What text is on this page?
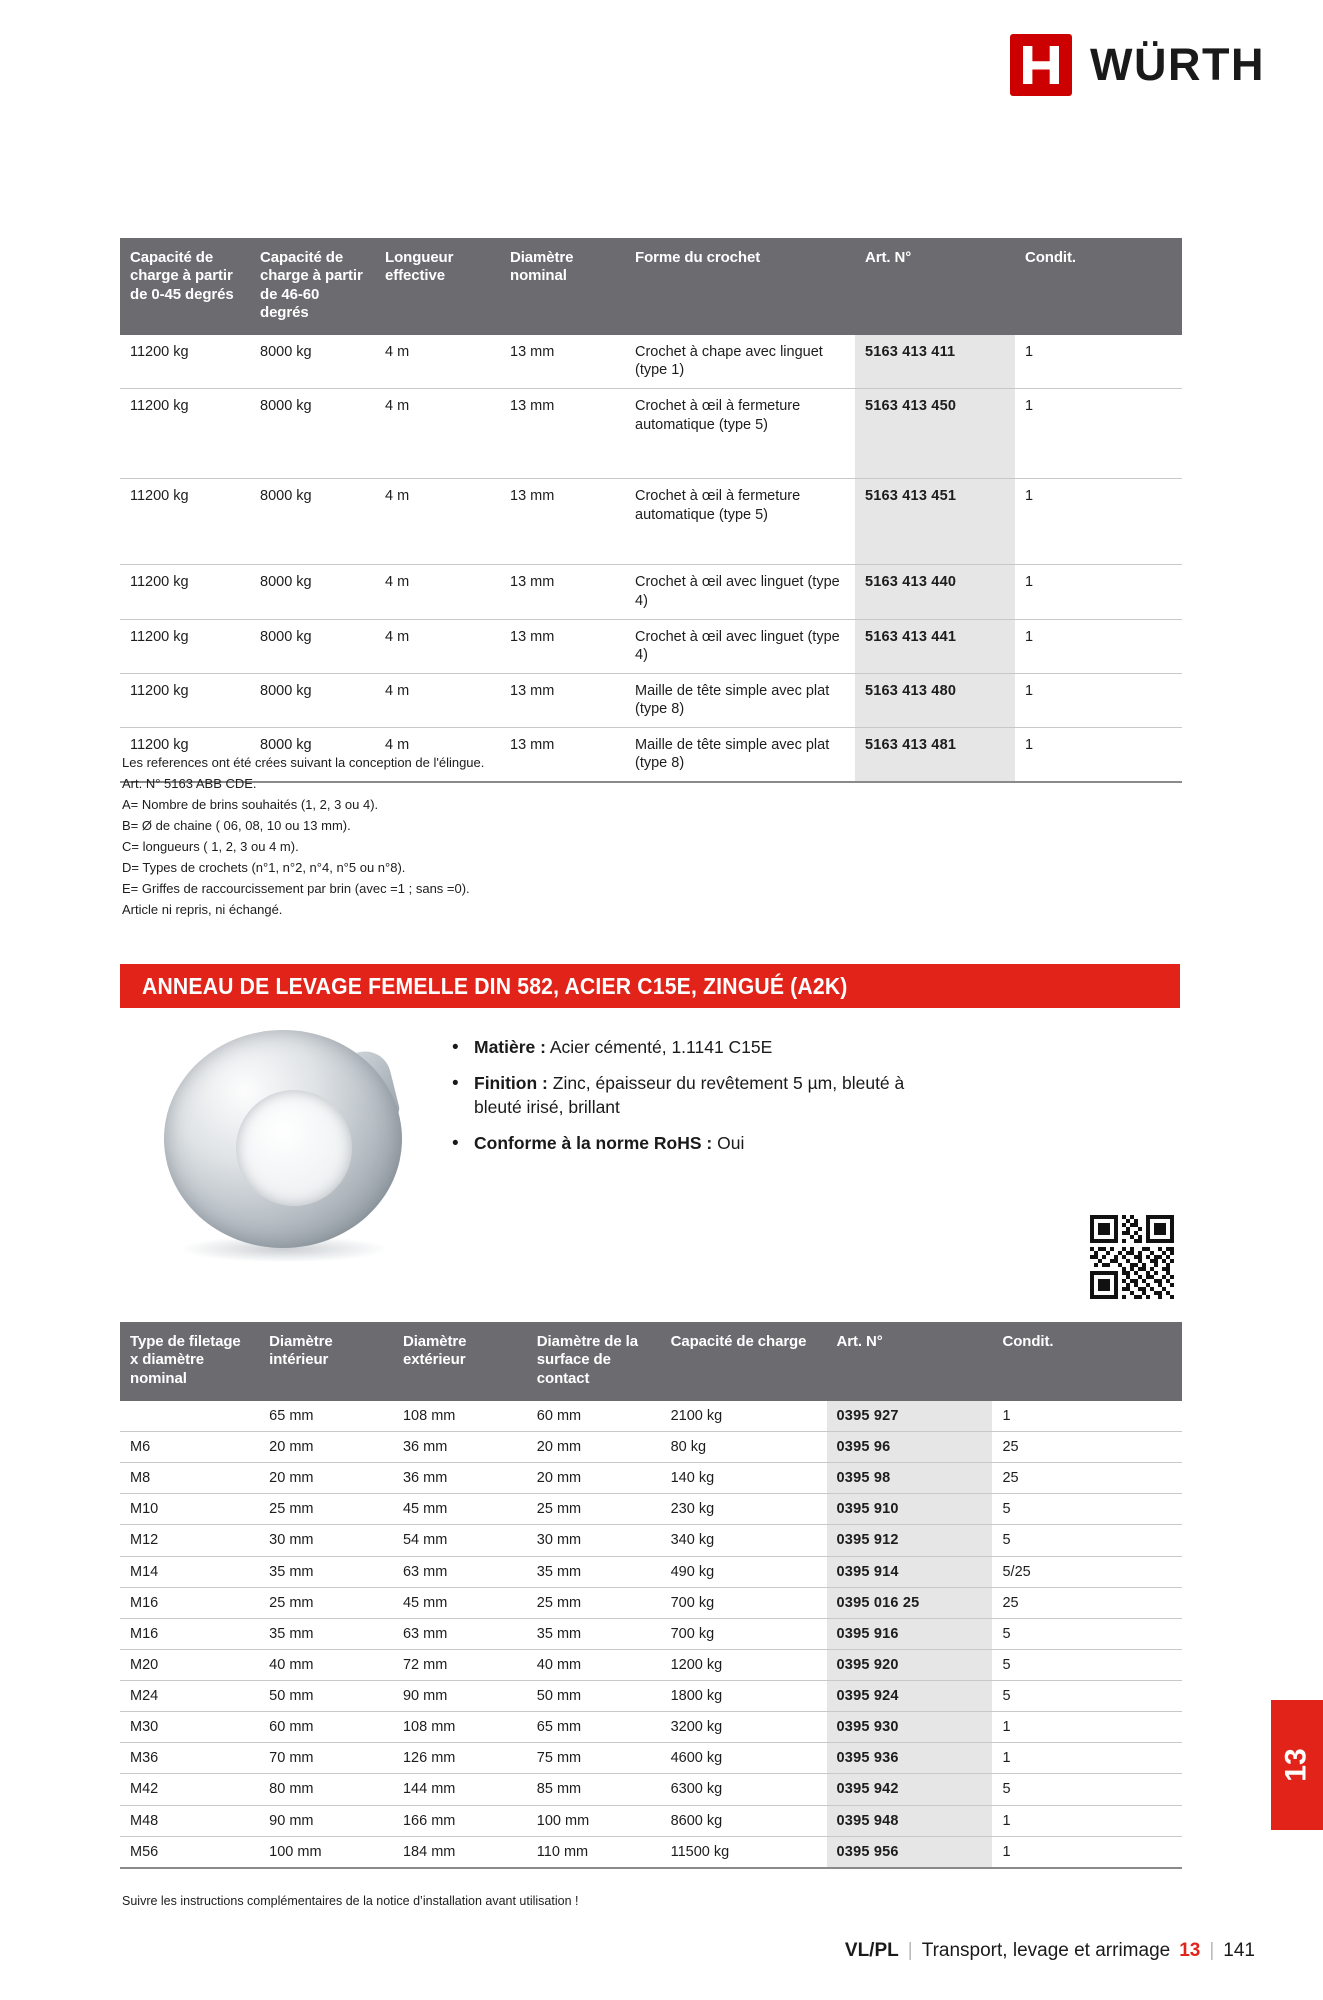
WÜRTH
Capacité de charge à partir de 0-45 degrés	Capacité de charge à partir de 46-60 degrés	Longueur effective	Diamètre nominal	Forme du crochet	Art. N°	Condit.
11200 kg	8000 kg	4 m	13 mm	Crochet à chape avec linguet (type 1)	5163 413 411	1
11200 kg	8000 kg	4 m	13 mm	Crochet à œil à fermeture automatique (type 5)	5163 413 450	1
11200 kg	8000 kg	4 m	13 mm	Crochet à œil à fermeture automatique (type 5)	5163 413 451	1
11200 kg	8000 kg	4 m	13 mm	Crochet à œil avec linguet (type 4)	5163 413 440	1
11200 kg	8000 kg	4 m	13 mm	Crochet à œil avec linguet (type 4)	5163 413 441	1
11200 kg	8000 kg	4 m	13 mm	Maille de tête simple avec plat (type 8)	5163 413 480	1
11200 kg	8000 kg	4 m	13 mm	Maille de tête simple avec plat (type 8)	5163 413 481	1
Les references ont été crées suivant la conception de l'élingue.
Art. N° 5163 ABB CDE.
A= Nombre de brins souhaités (1, 2, 3 ou 4).
B= Ø de chaine ( 06, 08, 10 ou 13 mm).
C= longueurs ( 1, 2, 3 ou 4 m).
D= Types de crochets (n°1, n°2, n°4, n°5 ou n°8).
E= Griffes de raccourcissement par brin (avec =1 ; sans =0).
Article ni repris, ni échangé.
ANNEAU DE LEVAGE FEMELLE DIN 582, ACIER C15E, ZINGUÉ (A2K)
• Matière : Acier cémenté, 1.1141 C15E
• Finition : Zinc, épaisseur du revêtement 5 µm, bleuté à bleuté irisé, brillant
• Conforme à la norme RoHS : Oui
Type de filetage x diamètre nominal	Diamètre intérieur	Diamètre extérieur	Diamètre de la surface de contact	Capacité de charge	Art. N°	Condit.
	65 mm	108 mm	60 mm	2100 kg	0395 927	1
M6	20 mm	36 mm	20 mm	80 kg	0395 96	25
M8	20 mm	36 mm	20 mm	140 kg	0395 98	25
M10	25 mm	45 mm	25 mm	230 kg	0395 910	5
M12	30 mm	54 mm	30 mm	340 kg	0395 912	5
M14	35 mm	63 mm	35 mm	490 kg	0395 914	5/25
M16	25 mm	45 mm	25 mm	700 kg	0395 016 25	25
M16	35 mm	63 mm	35 mm	700 kg	0395 916	5
M20	40 mm	72 mm	40 mm	1200 kg	0395 920	5
M24	50 mm	90 mm	50 mm	1800 kg	0395 924	5
M30	60 mm	108 mm	65 mm	3200 kg	0395 930	1
M36	70 mm	126 mm	75 mm	4600 kg	0395 936	1
M42	80 mm	144 mm	85 mm	6300 kg	0395 942	5
M48	90 mm	166 mm	100 mm	8600 kg	0395 948	1
M56	100 mm	184 mm	110 mm	11500 kg	0395 956	1
Suivre les instructions complémentaires de la notice d’installation avant utilisation !
13
VL/PL | Transport, levage et arrimage 13 | 141
